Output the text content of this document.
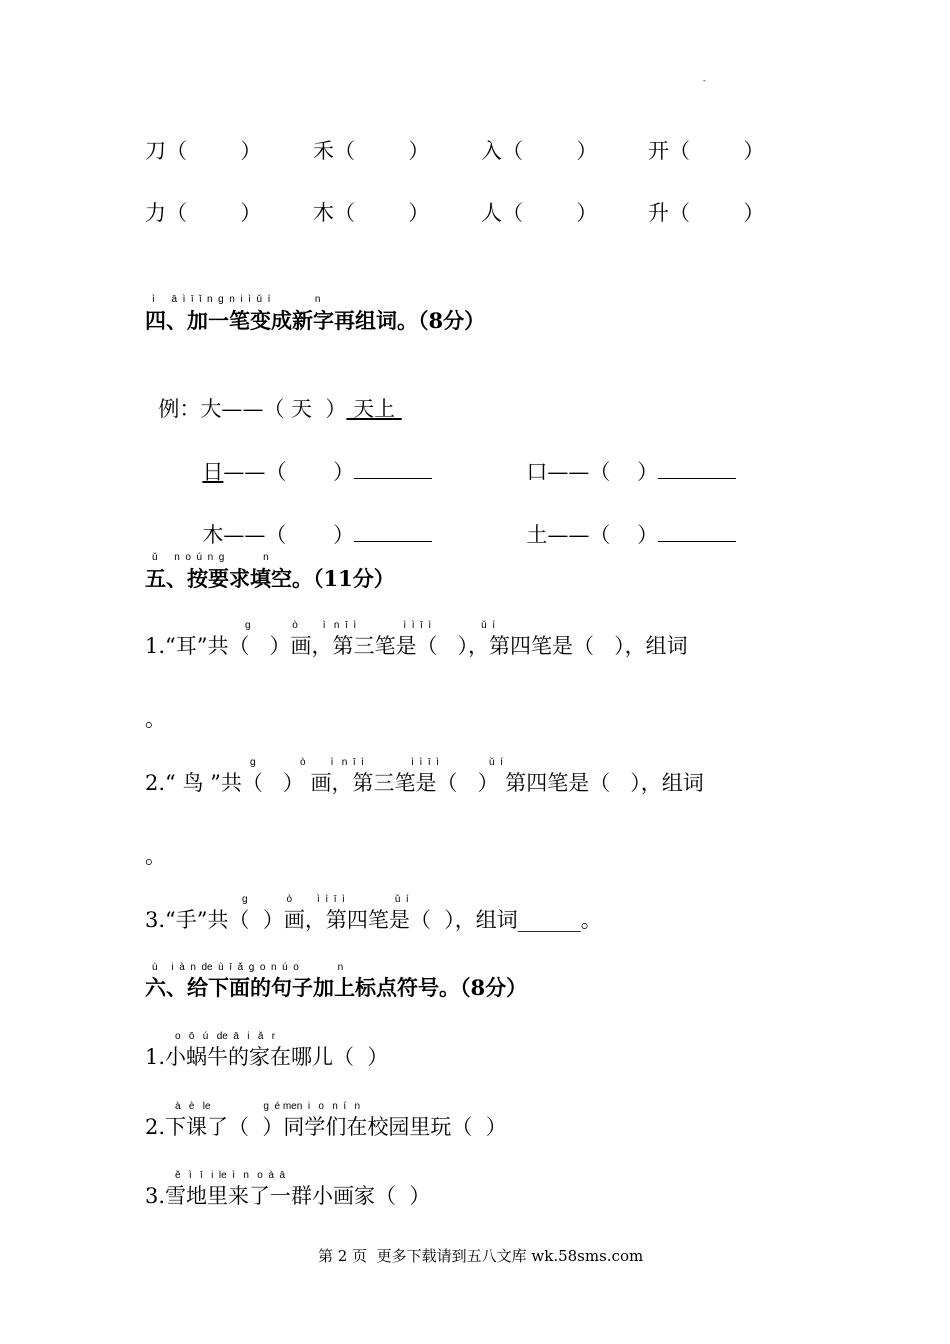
-
刀（        ） 禾（        ） 入（        ） 开（        ）
力（        ） 木（        ） 人（        ） 升（        ）
ì      ā  ì  ī  ǐ  n  g  n  i  ì  ǔ  í                n
四、加一笔变成新字再组词。（8分）

例：大——（ 天  ） 天上

日——（ ）	口——（ ）

木——（ ）	土——（ ）

ǔ      n  o  ú  n  g              n
五、按要求填空。（11分）
g               ò         ì   n  ī  ì                 ì  ì  ī  ì                  ǔ  í
1.“耳”共（   ）画，第三笔是（   ），第四笔是（   ），组词
。
g                ò         ì   n  ī  ì                 ì  ì  ī  ì                  ǔ  í
2.“ 鸟 ”共（   ） 画，第三笔是（   ） 第四笔是（   ），组词
。
g              ò         ì  ì  ī  ì                  ǔ  í
3.“手”共（  ）画，第四笔是（  ），组词______。
ù     i  à  n  de  ù  ī  ǎ  g  o  n  ú  o              n
六、给下面的句子加上标点符号。（8分）
o   ō   ú   de  ā   i   ǎ   r
1.小蜗牛的家在哪儿（  ）
à   è   le                   g  é men  i   o   n  í   n
2.下课了（  ）同学们在校园里玩（  ）
ě   ì   ī   i  le  ì   n   o  à  ā
3.雪地里来了一群小画家（  ）
第 2 页  更多下载请到五八文库 wk.58sms.com
